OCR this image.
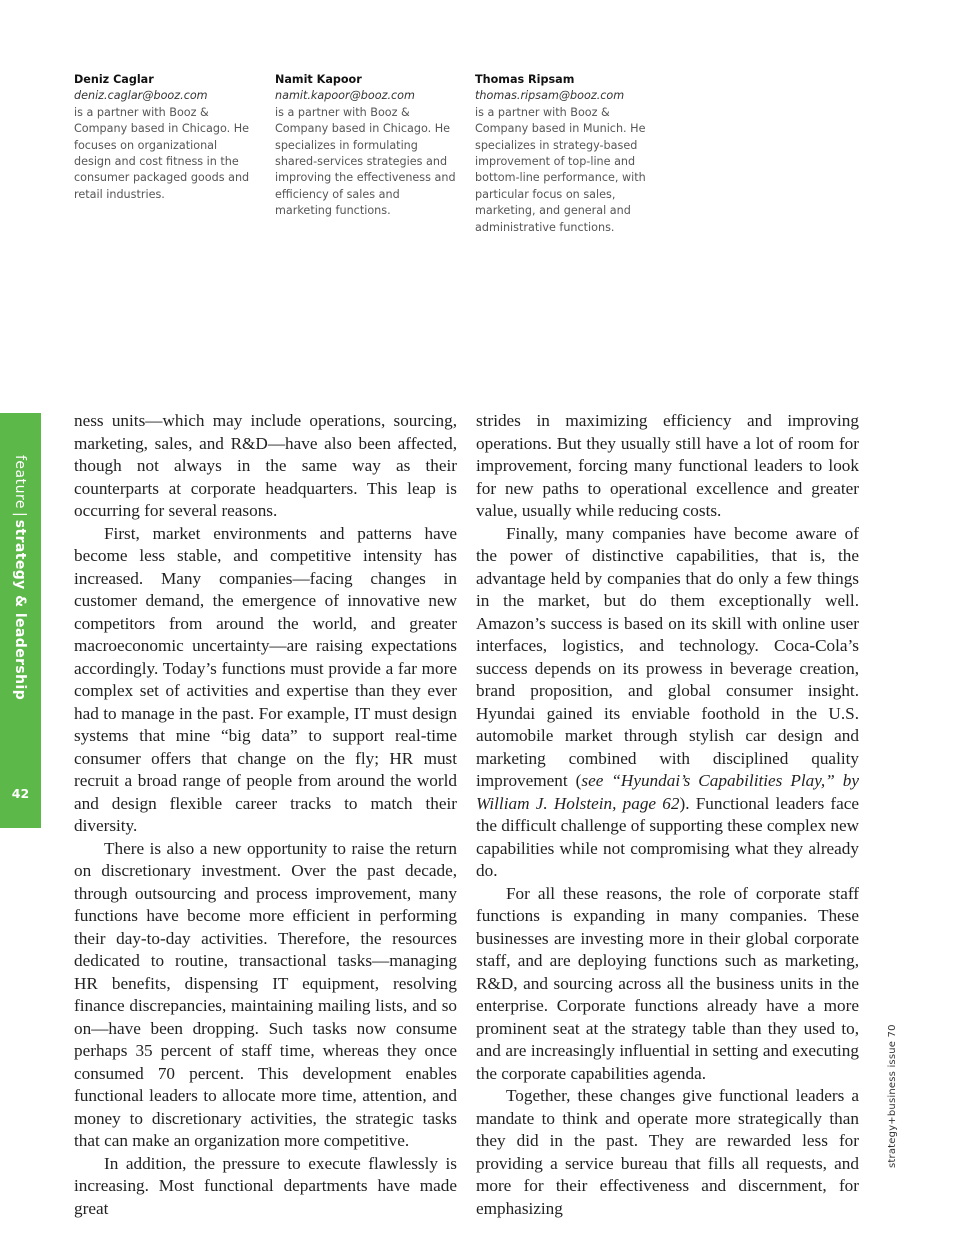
Deniz Caglar

deniz.caglar@booz.com

is a partner with Booz & Company based in Chicago. He focuses on organizational design and cost fitness in the consumer packaged goods and retail industries.

Namit Kapoor

namit.kapoor@booz.com

is a partner with Booz & Company based in Chicago. He specializes in formulating shared-services strategies and improving the effectiveness and efficiency of sales and marketing functions.

Thomas Ripsam

thomas.ripsam@booz.com

is a partner with Booz & Company based in Munich. He specializes in strategy-based improvement of top-line and bottom-line performance, with particular focus on sales, marketing, and general and administrative functions.

feature|strategy & leadership
42

ness units—which may include operations, sourcing, marketing, sales, and R&D—have also been affected, though not always in the same way as their counterparts at corporate headquarters. This leap is occurring for several reasons.

First, market environments and patterns have become less stable, and competitive intensity has increased. Many companies—facing changes in customer demand, the emergence of innovative new competitors from around the world, and greater macroeconomic uncertainty—are raising expectations accordingly. Today’s functions must provide a far more complex set of activities and expertise than they ever had to manage in the past. For example, IT must design systems that mine “big data” to support real-time consumer offers that change on the fly; HR must recruit a broad range of people from around the world and design flexible career tracks to match their diversity.

There is also a new opportunity to raise the return on discretionary investment. Over the past decade, through outsourcing and process improvement, many functions have become more efficient in performing their day-to-day activities. Therefore, the resources dedicated to routine, transactional tasks—managing HR benefits, dispensing IT equipment, resolving finance discrepancies, maintaining mailing lists, and so on—have been dropping. Such tasks now consume perhaps 35 percent of staff time, whereas they once consumed 70 percent. This development enables functional leaders to allocate more time, attention, and money to discretionary activities, the strategic tasks that can make an organization more competitive.

In addition, the pressure to execute flawlessly is increasing. Most functional departments have made great

strides in maximizing efficiency and improving operations. But they usually still have a lot of room for improvement, forcing many functional leaders to look for new paths to operational excellence and greater value, usually while reducing costs.

Finally, many companies have become aware of the power of distinctive capabilities, that is, the advantage held by companies that do only a few things in the market, but do them exceptionally well. Amazon’s success is based on its skill with online user interfaces, logistics, and technology. Coca-Cola’s success depends on its prowess in beverage creation, brand proposition, and global consumer insight. Hyundai gained its enviable foothold in the U.S. automobile market through stylish car design and marketing combined with disciplined quality improvement (see “Hyundai’s Capabilities Play,” by William J. Holstein, page 62). Functional leaders face the difficult challenge of supporting these complex new capabilities while not compromising what they already do.

For all these reasons, the role of corporate staff functions is expanding in many companies. These businesses are investing more in their global corporate staff, and are deploying functions such as marketing, R&D, and sourcing across all the business units in the enterprise. Corporate functions already have a more prominent seat at the strategy table than they used to, and are increasingly influential in setting and executing the corporate capabilities agenda.

Together, these changes give functional leaders a mandate to think and operate more strategically than they did in the past. They are rewarded less for providing a service bureau that fills all requests, and more for their effectiveness and discernment, for emphasizing

strategy+business issue 70
